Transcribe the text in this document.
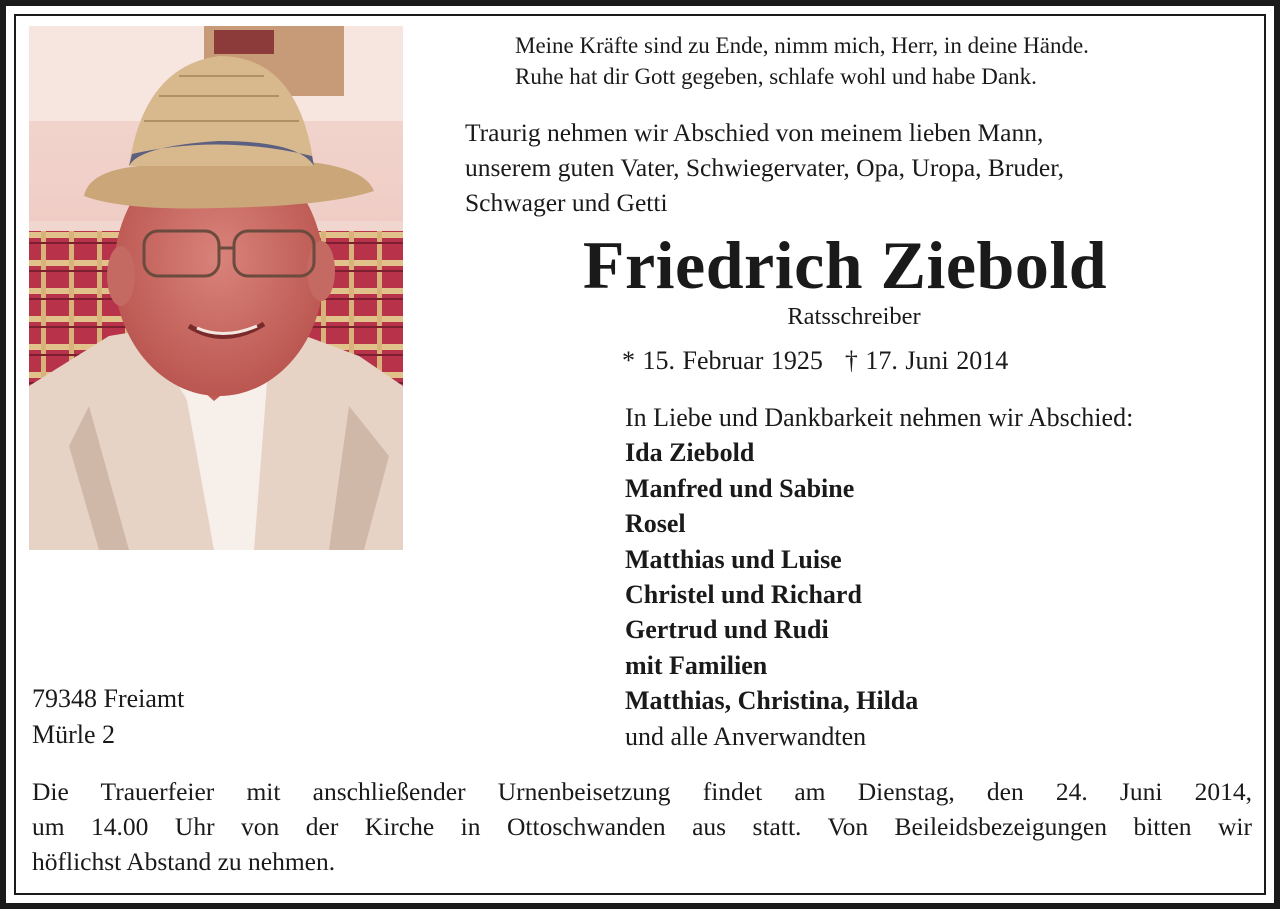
Meine Kräfte sind zu Ende, nimm mich, Herr, in deine Hände.
Ruhe hat dir Gott gegeben, schlafe wohl und habe Dank.
Traurig nehmen wir Abschied von meinem lieben Mann,
unserem guten Vater, Schwiegervater, Opa, Uropa, Bruder,
Schwager und Getti
Friedrich Ziebold
Ratsschreiber
* 15. Februar 1925 † 17. Juni 2014
In Liebe und Dankbarkeit nehmen wir Abschied:
Ida Ziebold
Manfred und Sabine
Rosel
Matthias und Luise
Christel und Richard
Gertrud und Rudi
mit Familien
Matthias, Christina, Hilda
und alle Anverwandten
79348 Freiamt
Mürle 2
Die Trauerfeier mit anschließender Urnenbeisetzung findet am Dienstag, den 24. Juni 2014,
um 14.00 Uhr von der Kirche in Ottoschwanden aus statt. Von Beileidsbezeigungen bitten wir
höflichst Abstand zu nehmen.
